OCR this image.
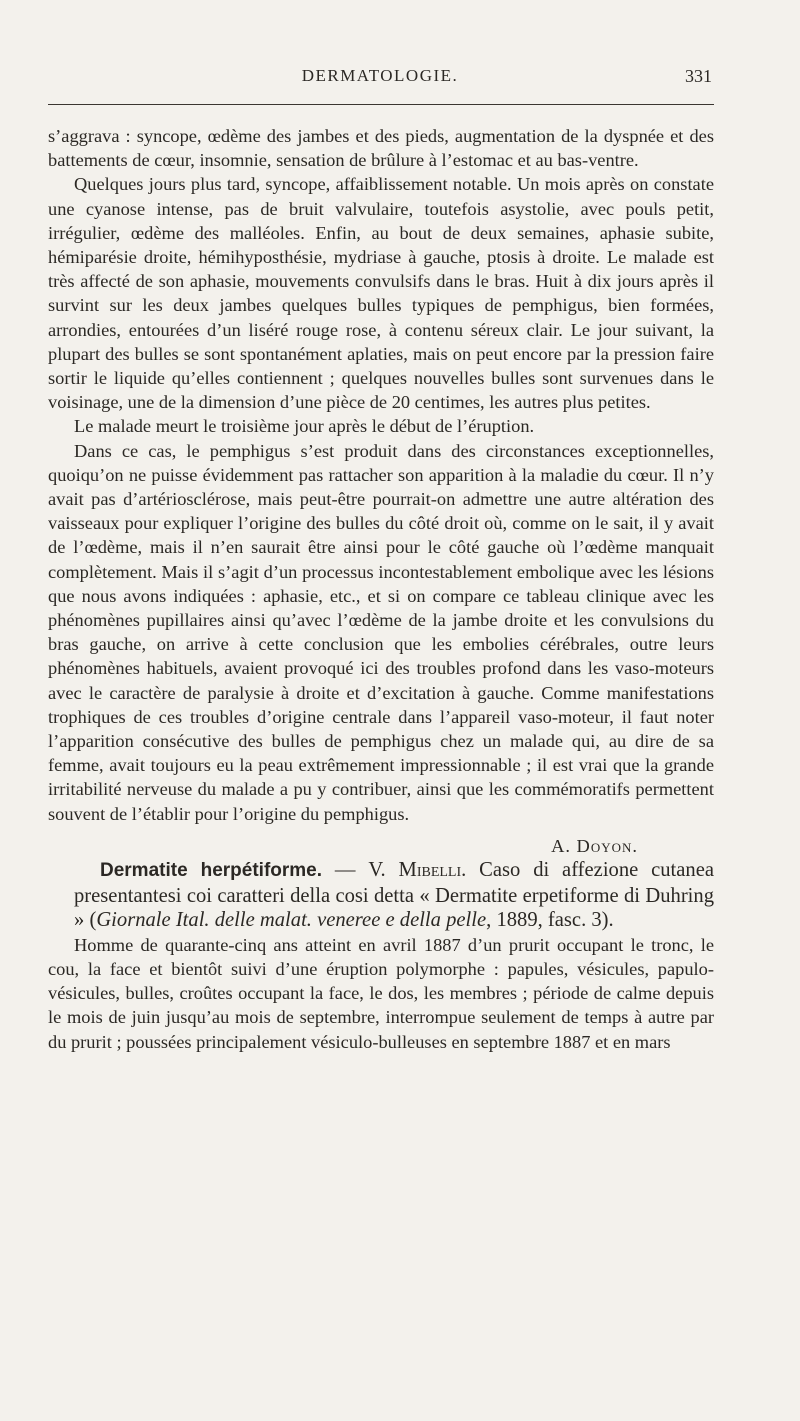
DERMATOLOGIE.	331

s’aggrava : syncope, œdème des jambes et des pieds, augmentation de la dyspnée et des battements de cœur, insomnie, sensation de brûlure à l’estomac et au bas-ventre.

Quelques jours plus tard, syncope, affaiblissement notable. Un mois après on constate une cyanose intense, pas de bruit valvulaire, toutefois asystolie, avec pouls petit, irrégulier, œdème des malléoles. Enfin, au bout de deux semaines, aphasie subite, hémiparésie droite, hémihyposthésie, mydriase à gauche, ptosis à droite. Le malade est très affecté de son aphasie, mouvements convulsifs dans le bras. Huit à dix jours après il survint sur les deux jambes quelques bulles typiques de pemphigus, bien formées, arrondies, entourées d’un liséré rouge rose, à contenu séreux clair. Le jour suivant, la plupart des bulles se sont spontanément aplaties, mais on peut encore par la pression faire sortir le liquide qu’elles contiennent ; quelques nouvelles bulles sont survenues dans le voisinage, une de la dimension d’une pièce de 20 centimes, les autres plus petites.

Le malade meurt le troisième jour après le début de l’éruption.

Dans ce cas, le pemphigus s’est produit dans des circonstances exceptionnelles, quoiqu’on ne puisse évidemment pas rattacher son apparition à la maladie du cœur. Il n’y avait pas d’artériosclérose, mais peut-être pourrait-on admettre une autre altération des vaisseaux pour expliquer l’origine des bulles du côté droit où, comme on le sait, il y avait de l’œdème, mais il n’en saurait être ainsi pour le côté gauche où l’œdème manquait complètement. Mais il s’agit d’un processus incontestablement embolique avec les lésions que nous avons indiquées : aphasie, etc., et si on compare ce tableau clinique avec les phénomènes pupillaires ainsi qu’avec l’œdème de la jambe droite et les convulsions du bras gauche, on arrive à cette conclusion que les embolies cérébrales, outre leurs phénomènes habituels, avaient provoqué ici des troubles profond dans les vaso-moteurs avec le caractère de paralysie à droite et d’excitation à gauche. Comme manifestations trophiques de ces troubles d’origine centrale dans l’appareil vaso-moteur, il faut noter l’apparition consécutive des bulles de pemphigus chez un malade qui, au dire de sa femme, avait toujours eu la peau extrêmement impressionnable ; il est vrai que la grande irritabilité nerveuse du malade a pu y contribuer, ainsi que les commémoratifs permettent souvent de l’établir pour l’origine du pemphigus.

A. Doyon.

Dermatite herpétiforme. — V. Mibelli. Caso di affezione cutanea presentantesi coi caratteri della cosi detta « Dermatite erpetiforme di Duhring » (Giornale Ital. delle malat. veneree e della pelle, 1889, fasc. 3).

Homme de quarante-cinq ans atteint en avril 1887 d’un prurit occupant le tronc, le cou, la face et bientôt suivi d’une éruption polymorphe : papules, vésicules, papulo-vésicules, bulles, croûtes occupant la face, le dos, les membres ; période de calme depuis le mois de juin jusqu’au mois de septembre, interrompue seulement de temps à autre par du prurit ; poussées principalement vésiculo-bulleuses en septembre 1887 et en mars
